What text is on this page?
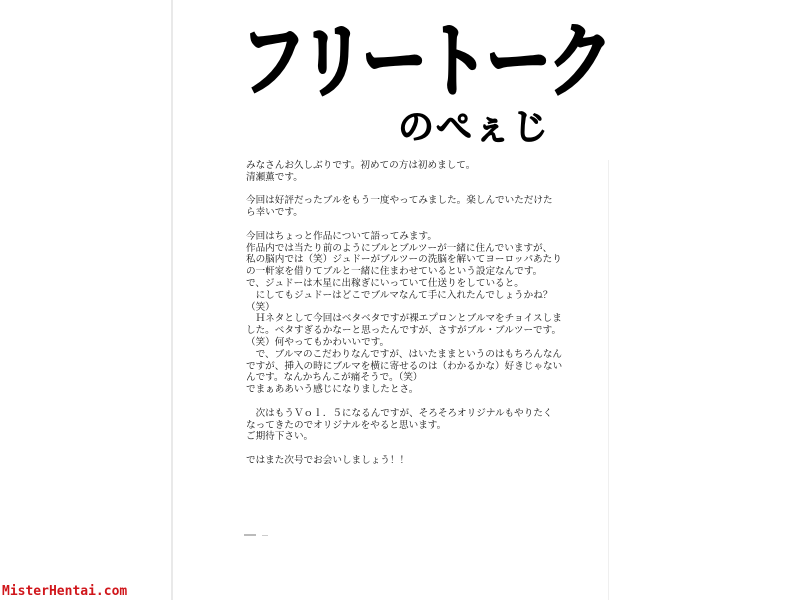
フリートーク
のぺぇじ

みなさんお久しぶりです。初めての方は初めまして。

清瀬薫です。

今回は好評だったブルをもう一度やってみました。楽しんでいただけた

ら幸いです。

今回はちょっと作品について語ってみます。

作品内では当たり前のようにブルとブルツーが一緒に住んでいますが、

私の脳内では（笑）ジュドーがブルツーの洗脳を解いてヨーロッパあたり

の一軒家を借りてブルと一緒に住まわせているという設定なんです。

で、ジュドーは木星に出稼ぎにいっていて仕送りをしていると。

　にしてもジュドーはどこでブルマなんて手に入れたんでしょうかね？

（笑）

　Ｈネタとして今回はベタベタですが裸エプロンとブルマをチョイスしま

した。ベタすぎるかなーと思ったんですが、さすがブル・ブルツーです。

（笑）何やってもかわいいです。

　で、ブルマのこだわりなんですが、はいたままというのはもちろんなん

ですが、挿入の時にブルマを横に寄せるのは（わかるかな）好きじゃない

んです。なんかちんこが痛そうで。（笑）

でまぁああいう感じになりましたとさ。

　次はもうＶｏｌ．５になるんですが、そろそろオリジナルもやりたく

なってきたのでオリジナルをやると思います。

ご期待下さい。

ではまた次号でお会いしましょう！！

MisterHentai.com
